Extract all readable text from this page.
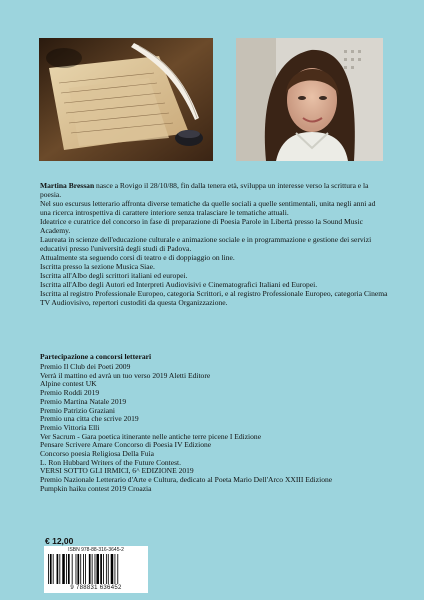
Martina Bressan nasce a Rovigo il 28/10/88, fin dalla tenera età, sviluppa un interesse verso la scrittura e la poesia.

Nel suo escursus letterario affronta diverse tematiche da quelle sociali a quelle sentimentali, unita negli anni ad una ricerca introspettiva di carattere interiore senza tralasciare le tematiche attuali.

Ideatrice e curatrice del concorso in fase di preparazione di Poesia Parole in Libertà presso la Sound Music Academy.

Laureata in scienze dell'educazione culturale e animazione sociale e in programmazione e gestione dei servizi educativi presso l'università degli studi di Padova.

Attualmente sta seguendo corsi di teatro e di doppiaggio on line.

Iscritta presso la sezione Musica Siae.

Iscritta all'Albo degli scrittori italiani ed europei.

Iscritta all'Albo degli Autori ed Interpreti Audiovisivi e Cinematografici Italiani ed Europei.

Iscritta al registro Professionale Europeo, categoria Scrittori, e al registro Professionale Europeo, categoria Cinema TV Audiovisivo, repertori custoditi da questa Organizzazione.

Partecipazione a concorsi letterari

Premio Il Club dei Poeti 2009
Verrà il mattino ed avrà un tuo verso 2019 Aletti Editore
Alpine contest UK
Premio Roddi 2019
Premio Martina Natale 2019
Premio Patrizio Graziani
Premio una citta che scrive 2019
Premio Vittoria Elli
Ver Sacrum - Gara poetica itinerante nelle antiche terre picene I Edizione
Pensare Scrivere Amare Concorso di Poesia IV Edizione
Concorso poesia Religiosa Della Fuìa
L. Ron Hubbard Writers of the Future Contest.
VERSI SOTTO GLI IRMICI, 6^ EDIZIONE 2019
Premio Nazionale Letterario d'Arte e Cultura, dedicato al Poeta Mario Dell'Arco XXIII Edizione
Pumpkin haiku contest 2019 Croazia
€ 12,00
ISBN 978-88-316-3645-2
9 788831 636452
